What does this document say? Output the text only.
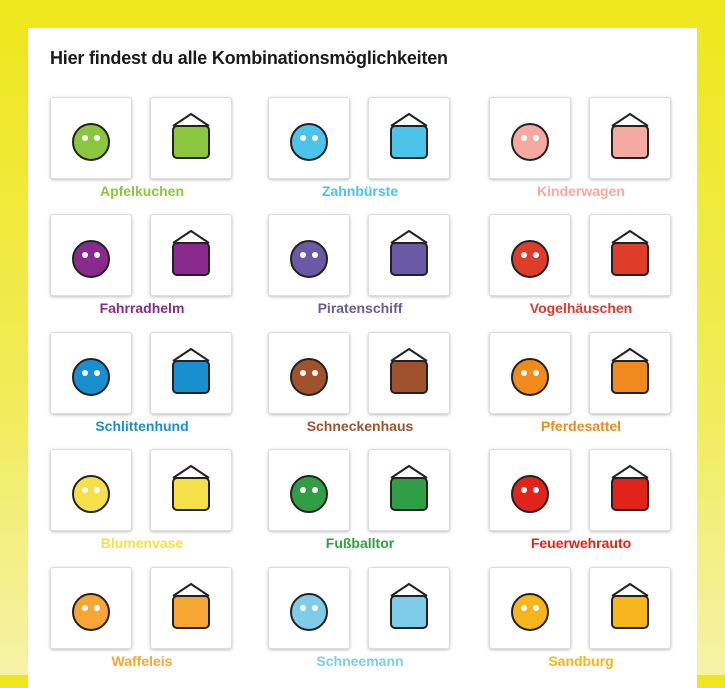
Hier findest du alle Kombinationsmöglichkeiten
Apfelkuchen	Zahnbürste	Kinderwagen
Fahrradhelm	Piratenschiff	Vogelhäuschen
Schlittenhund	Schneckenhaus	Pferdesattel
Blumenvase	Fußballtor	Feuerwehrauto
Waffeleis	Schneemann	Sandburg
